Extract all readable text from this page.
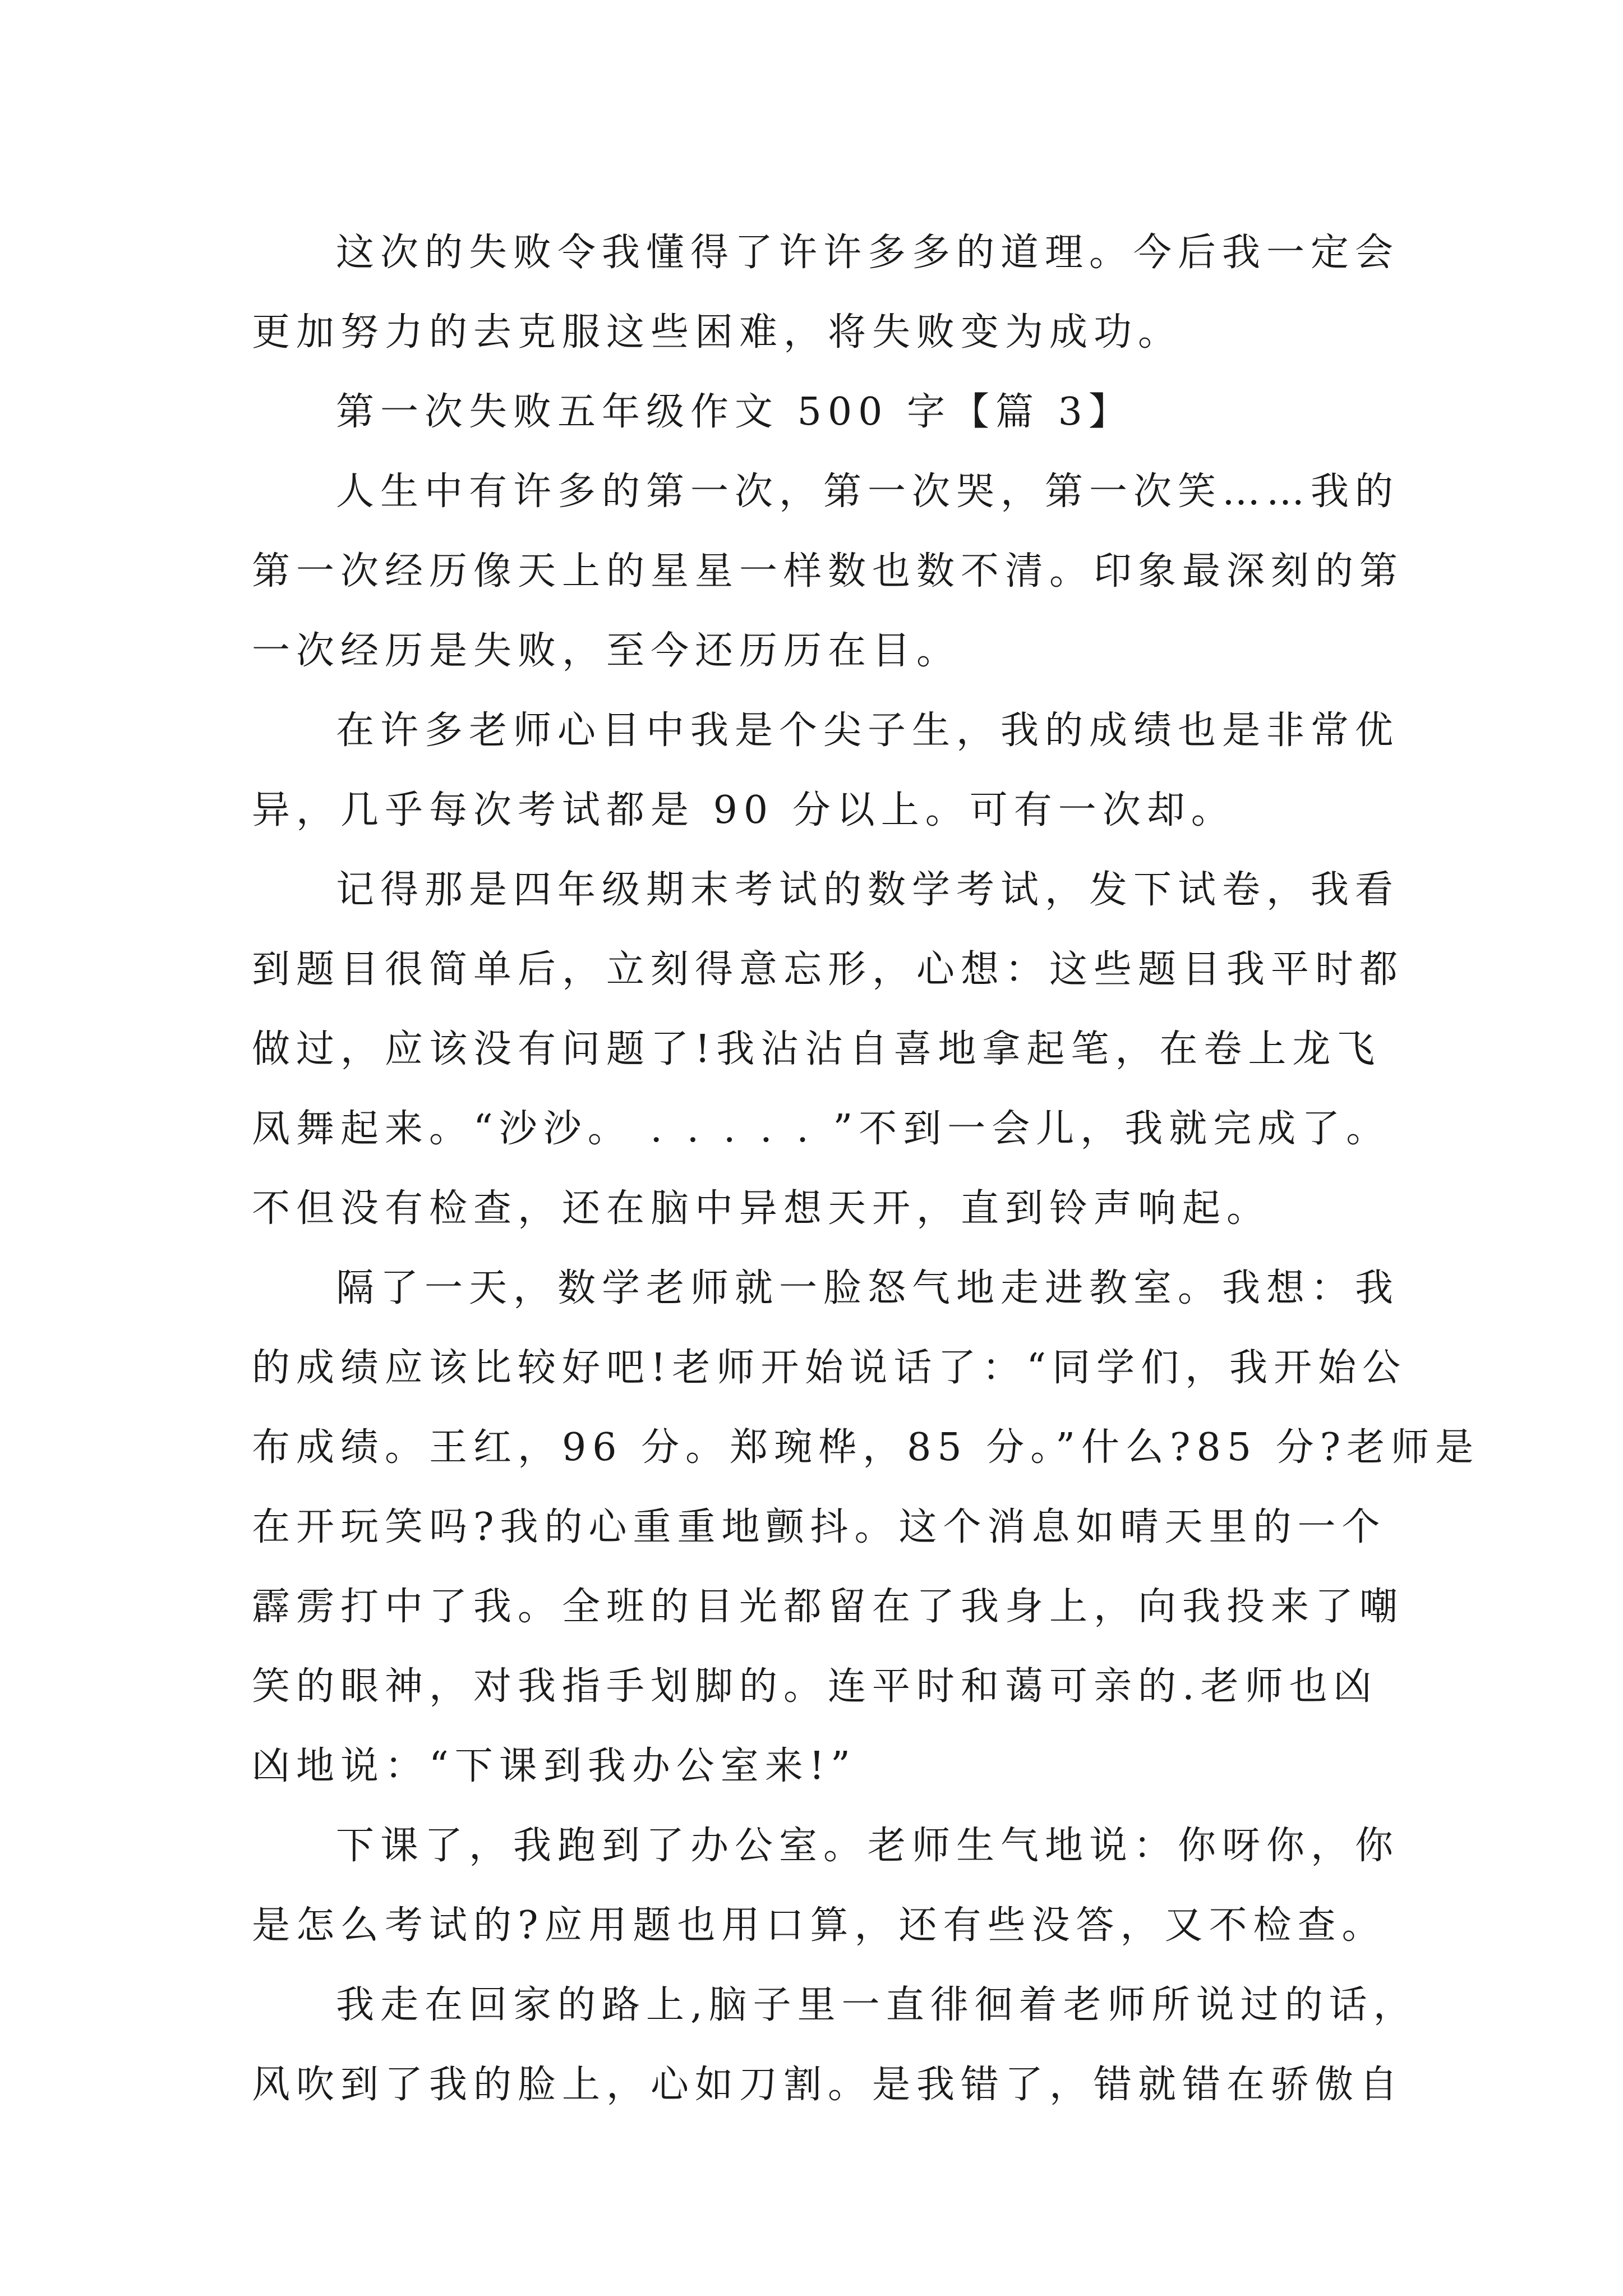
这次的失败令我懂得了许许多多的道理。今后我一定会
更加努力的去克服这些困难，将失败变为成功。
第一次失败五年级作文 500 字【篇 3】
人生中有许多的第一次，第一次哭，第一次笑……我的
第一次经历像天上的星星一样数也数不清。印象最深刻的第
一次经历是失败，至今还历历在目。
在许多老师心目中我是个尖子生，我的成绩也是非常优
异，几乎每次考试都是 90 分以上。可有一次却。
记得那是四年级期末考试的数学考试，发下试卷，我看
到题目很简单后，立刻得意忘形，心想：这些题目我平时都
做过，应该没有问题了!我沾沾自喜地拿起笔，在卷上龙飞
凤舞起来。“沙沙。 . . . . . ”不到一会儿，我就完成了。
不但没有检查，还在脑中异想天开，直到铃声响起。
隔了一天，数学老师就一脸怒气地走进教室。我想：我
的成绩应该比较好吧!老师开始说话了：“同学们，我开始公
布成绩。王红，96 分。郑琬桦，85 分。”什么?85 分?老师是
在开玩笑吗?我的心重重地颤抖。这个消息如晴天里的一个
霹雳打中了我。全班的目光都留在了我身上，向我投来了嘲
笑的眼神，对我指手划脚的。连平时和蔼可亲的.老师也凶
凶地说：“下课到我办公室来!”
下课了，我跑到了办公室。老师生气地说：你呀你，你
是怎么考试的?应用题也用口算，还有些没答，又不检查。
我走在回家的路上,脑子里一直徘徊着老师所说过的话，
风吹到了我的脸上，心如刀割。是我错了，错就错在骄傲自
